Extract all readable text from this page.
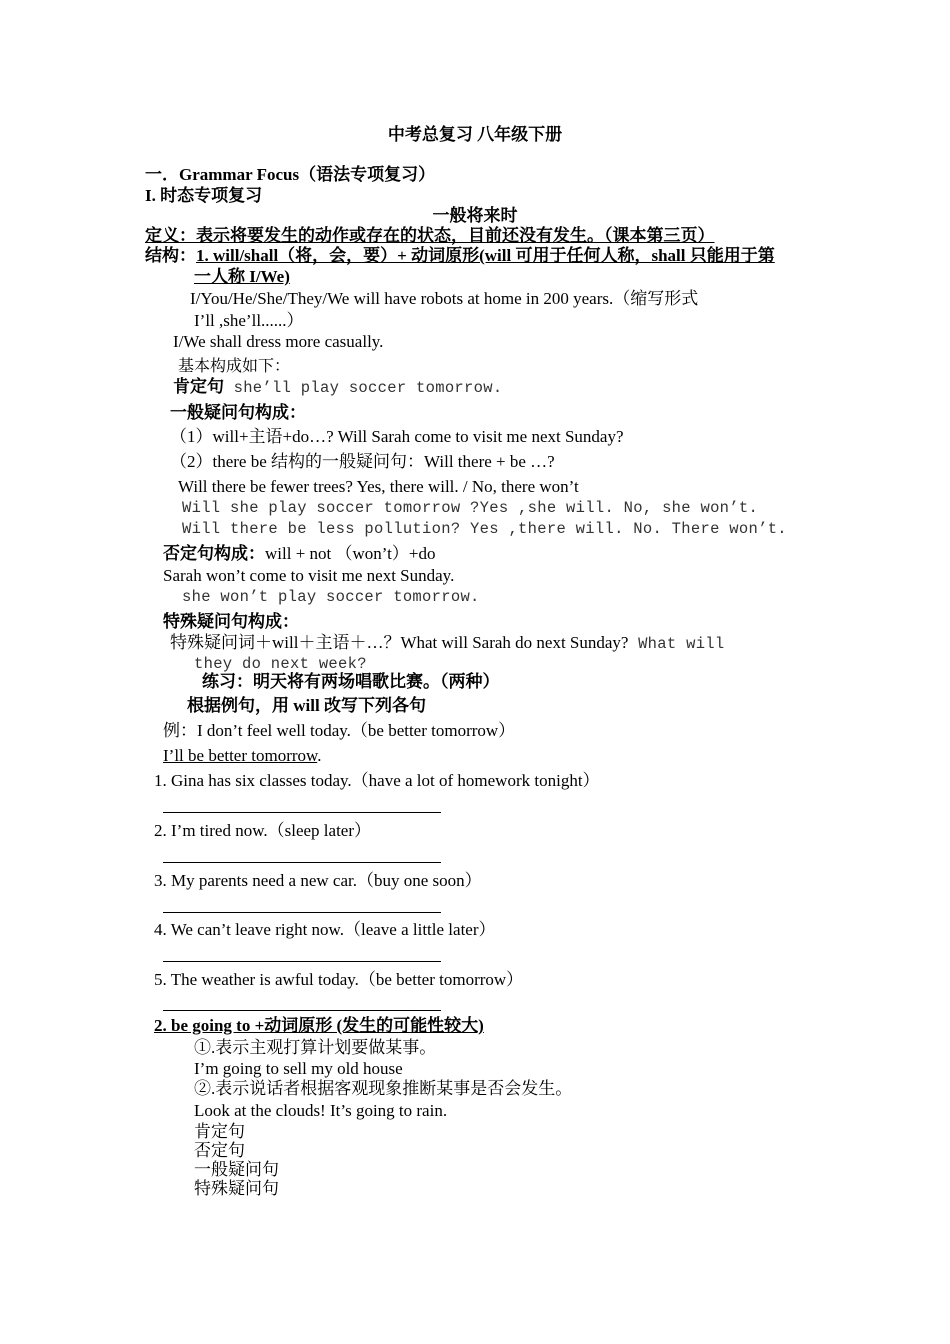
中考总复习 八年级下册
一．Grammar Focus（语法专项复习）
I. 时态专项复习
一般将来时
定义：表示将要发生的动作或存在的状态，目前还没有发生。（课本第三页）
结构：1. will/shall（将，会，要）+ 动词原形(will 可用于任何人称，shall 只能用于第
一人称 I/We)
I/You/He/She/They/We will have robots at home in 200 years.（缩写形式
I’ll ,she’ll......）
I/We shall dress more casually.
基本构成如下：
肯定句 she’ll play soccer tomorrow.
一般疑问句构成：
（1）will+主语+do…? Will Sarah come to visit me next Sunday?
（2）there be 结构的一般疑问句：Will there + be …?
Will there be fewer trees? Yes, there will. / No, there won’t
Will she play soccer tomorrow ?Yes ,she will. No, she won’t.
Will there be less pollution? Yes ,there will. No. There won’t.
否定句构成：will + not （won’t）+do
Sarah won’t come to visit me next Sunday.
she won’t play soccer tomorrow.
特殊疑问句构成：
特殊疑问词＋will＋主语＋…？What will Sarah do next Sunday? What will
they do next week?
练习：明天将有两场唱歌比赛。（两种）
根据例句，用 will 改写下列各句
例：I don’t feel well today.（be better tomorrow）
I’ll be better tomorrow.
1. Gina has six classes today.（have a lot of homework tonight）
2. I’m tired now.（sleep later）
3. My parents need a new car.（buy one soon）
4. We can’t leave right now.（leave a little later）
5. The weather is awful today.（be better tomorrow）
2. be going to +动词原形 (发生的可能性较大)
①.表示主观打算计划要做某事。
I’m going to sell my old house
②.表示说话者根据客观现象推断某事是否会发生。
Look at the clouds! It’s going to rain.
肯定句
否定句
一般疑问句
特殊疑问句
